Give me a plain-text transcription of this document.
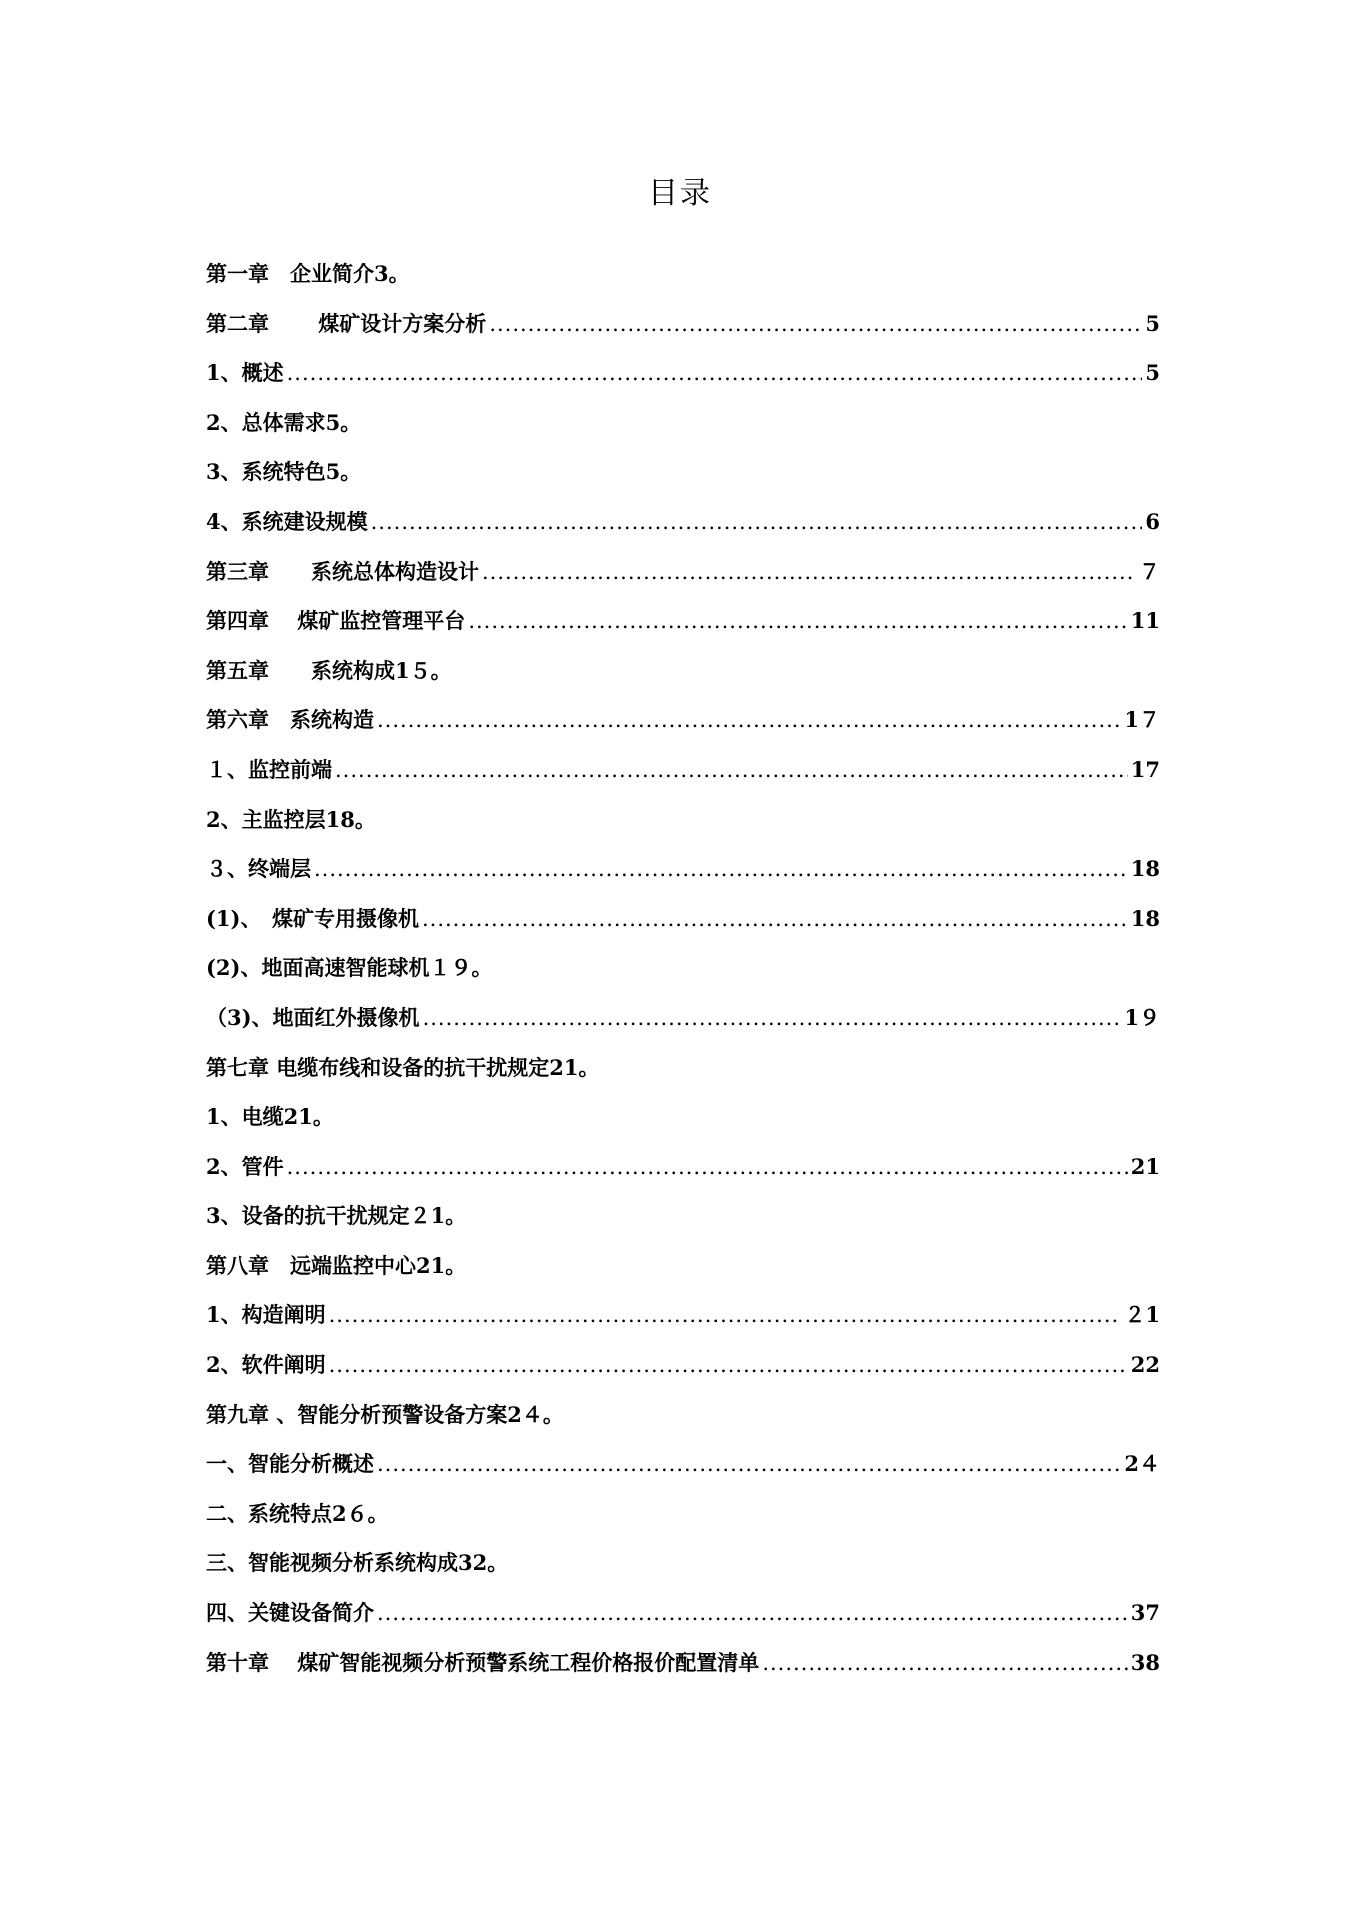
目录
第一章　企业简介3。
第二章　　 煤矿设计方案分析 .....	5
1、概述 .....	5
2、总体需求5。
3、系统特色5。
4、系统建设规模 .....	6
第三章　　系统总体构造设计 .....	７
第四章　 煤矿监控管理平台 .....	11
第五章　　系统构成1５。
第六章　系统构造 .....	1７
１、监控前端 .....	17
2、主监控层18。
３、终端层 .....	18
(1)、　煤矿专用摄像机 .....	18
(2)、地面高速智能球机１９。
（3)、地面红外摄像机 .....	1９
第七章 电缆布线和设备的抗干扰规定21。
1、电缆21。
2、管件 .....	21
3、设备的抗干扰规定２1。
第八章　远端监控中心21。
1、构造阐明 .....	２1
2、软件阐明 .....	22
第九章 、智能分析预警设备方案2４。
一、智能分析概述 .....	2４
二、系统特点2６。
三、智能视频分析系统构成32。
四、关键设备简介 .....	37
第十章　 煤矿智能视频分析预警系统工程价格报价配置清单 .....	38
